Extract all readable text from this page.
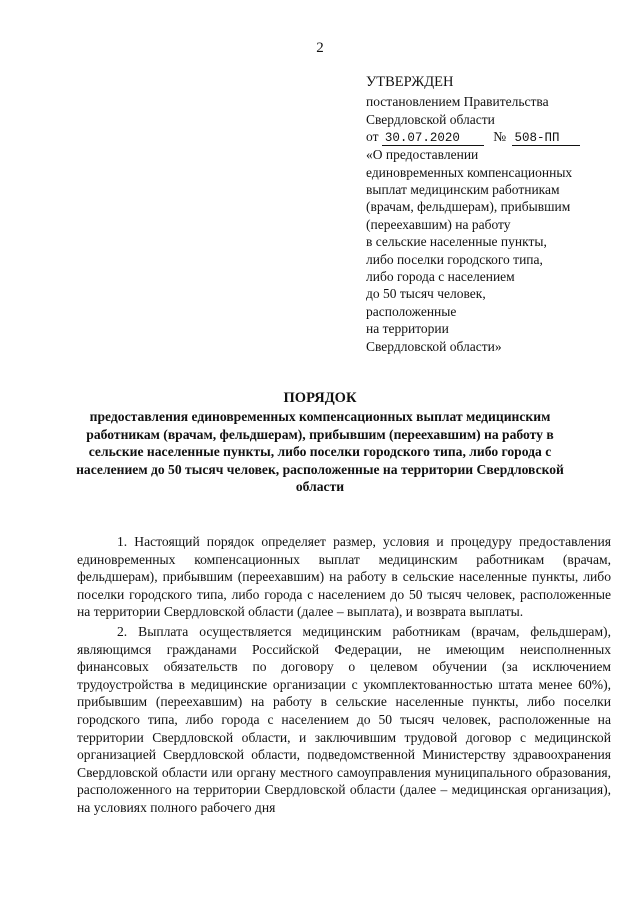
2
УТВЕРЖДЕН
постановлением Правительства
Свердловской области
от 30.07.2020 № 508-ПП
«О предоставлении
единовременных компенсационных
выплат медицинским работникам
(врачам, фельдшерам), прибывшим
(переехавшим) на работу
в сельские населенные пункты,
либо поселки городского типа,
либо города с населением
до 50 тысяч человек,
расположенные
на территории
Свердловской области»
ПОРЯДОК
предоставления единовременных компенсационных выплат медицинским работникам (врачам, фельдшерам), прибывшим (переехавшим) на работу в сельские населенные пункты, либо поселки городского типа, либо города с населением до 50 тысяч человек, расположенные на территории Свердловской области

1. Настоящий порядок определяет размер, условия и процедуру предоставления единовременных компенсационных выплат медицинским работникам (врачам, фельдшерам), прибывшим (переехавшим) на работу в сельские населенные пункты, либо поселки городского типа, либо города с населением до 50 тысяч человек, расположенные на территории Свердловской области (далее – выплата), и возврата выплаты.

2. Выплата осуществляется медицинским работникам (врачам, фельдшерам), являющимся гражданами Российской Федерации, не имеющим неисполненных финансовых обязательств по договору о целевом обучении (за исключением трудоустройства в медицинские организации с укомплектованностью штата менее 60%), прибывшим (переехавшим) на работу в сельские населенные пункты, либо поселки городского типа, либо города с населением до 50 тысяч человек, расположенные на территории Свердловской области, и заключившим трудовой договор с медицинской организацией Свердловской области, подведомственной Министерству здравоохранения Свердловской области или органу местного самоуправления муниципального образования, расположенного на территории Свердловской области (далее – медицинская организация), на условиях полного рабочего дня
